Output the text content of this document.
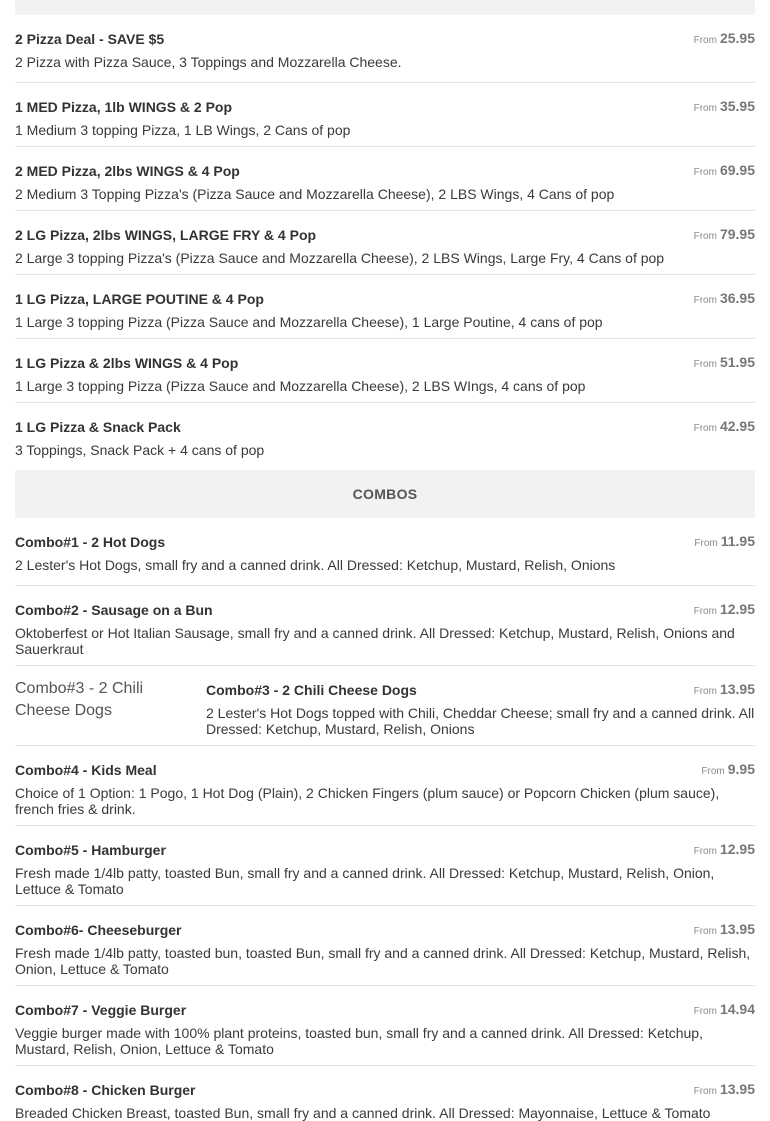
2 Pizza Deal - SAVE $5	From 25.95
2 Pizza with Pizza Sauce, 3 Toppings and Mozzarella Cheese.
1 MED Pizza, 1lb WINGS & 2 Pop	From 35.95
1 Medium 3 topping Pizza, 1 LB Wings, 2 Cans of pop
2 MED Pizza, 2lbs WINGS & 4 Pop	From 69.95
2 Medium 3 Topping Pizza's (Pizza Sauce and Mozzarella Cheese), 2 LBS Wings, 4 Cans of pop
2 LG Pizza, 2lbs WINGS, LARGE FRY & 4 Pop	From 79.95
2 Large 3 topping Pizza's (Pizza Sauce and Mozzarella Cheese), 2 LBS Wings, Large Fry, 4 Cans of pop
1 LG Pizza, LARGE POUTINE & 4 Pop	From 36.95
1 Large 3 topping Pizza (Pizza Sauce and Mozzarella Cheese), 1 Large Poutine, 4 cans of pop
1 LG Pizza & 2lbs WINGS & 4 Pop	From 51.95
1 Large 3 topping Pizza (Pizza Sauce and Mozzarella Cheese), 2 LBS WIngs, 4 cans of pop
1 LG Pizza & Snack Pack	From 42.95
3 Toppings, Snack Pack + 4 cans of pop
COMBOS
Combo#1 - 2 Hot Dogs	From 11.95
2 Lester's Hot Dogs, small fry and a canned drink. All Dressed: Ketchup, Mustard, Relish, Onions
Combo#2 - Sausage on a Bun	From 12.95
Oktoberfest or Hot Italian Sausage, small fry and a canned drink. All Dressed: Ketchup, Mustard, Relish, Onions and Sauerkraut
Combo#3 - 2 Chili Cheese Dogs
Combo#3 - 2 Chili Cheese Dogs	From 13.95
2 Lester's Hot Dogs topped with Chili, Cheddar Cheese; small fry and a canned drink. All Dressed: Ketchup, Mustard, Relish, Onions
Combo#4 - Kids Meal	From 9.95
Choice of 1 Option: 1 Pogo, 1 Hot Dog (Plain), 2 Chicken Fingers (plum sauce) or Popcorn Chicken (plum sauce), french fries & drink.
Combo#5 - Hamburger	From 12.95
Fresh made 1/4lb patty, toasted Bun, small fry and a canned drink. All Dressed: Ketchup, Mustard, Relish, Onion, Lettuce & Tomato
Combo#6- Cheeseburger	From 13.95
Fresh made 1/4lb patty, toasted bun, toasted Bun, small fry and a canned drink. All Dressed: Ketchup, Mustard, Relish, Onion, Lettuce & Tomato
Combo#7 - Veggie Burger	From 14.94
Veggie burger made with 100% plant proteins, toasted bun, small fry and a canned drink. All Dressed: Ketchup, Mustard, Relish, Onion, Lettuce & Tomato
Combo#8 - Chicken Burger	From 13.95
Breaded Chicken Breast, toasted Bun, small fry and a canned drink. All Dressed: Mayonnaise, Lettuce & Tomato
